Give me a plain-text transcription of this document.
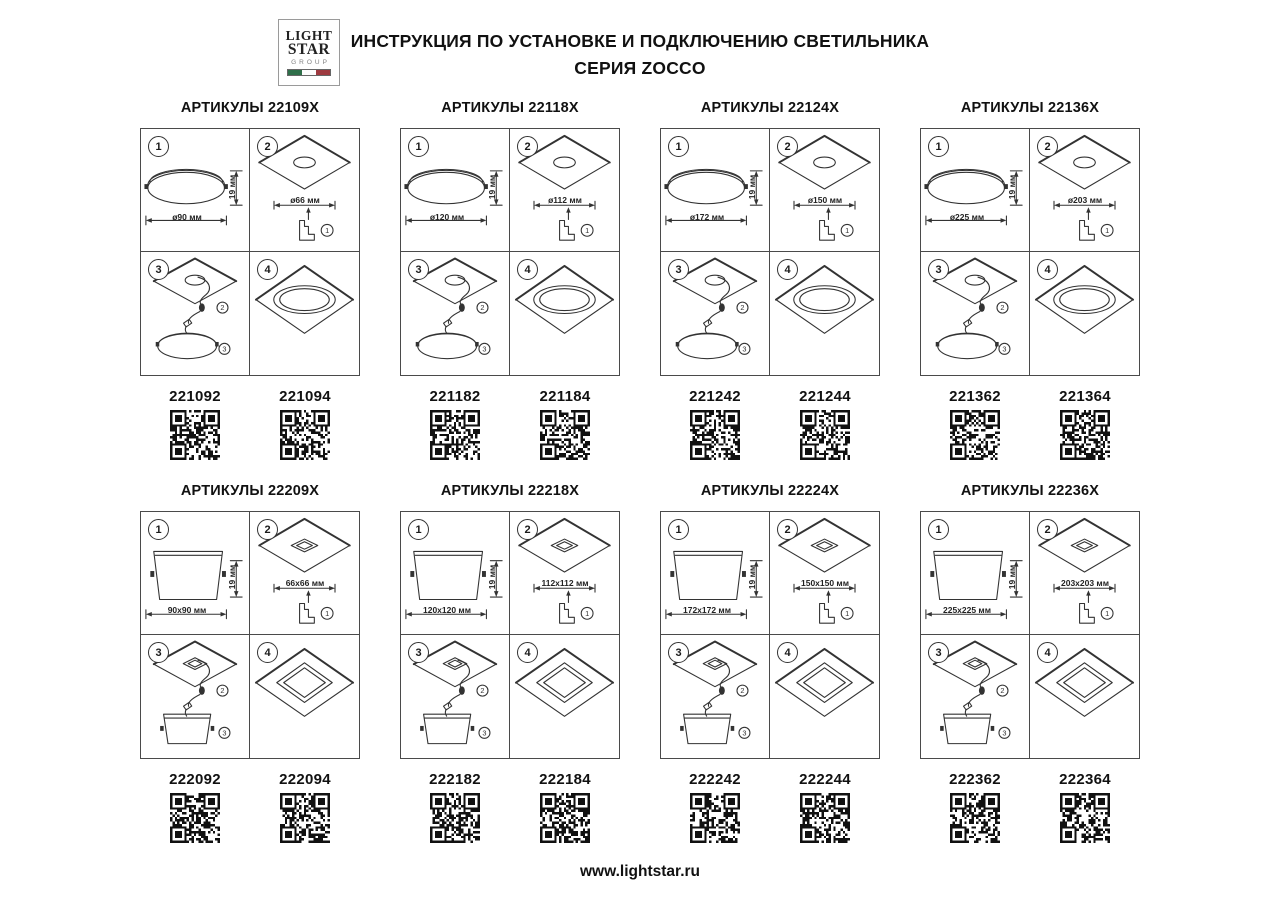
LIGHT
STAR
GROUP
ИНСТРУКЦИЯ ПО УСТАНОВКЕ И ПОДКЛЮЧЕНИЮ СВЕТИЛЬНИКА
СЕРИЯ ZOCCO
АРТИКУЛЫ 22109X
1
ø90 мм
19 мм
2
ø66 мм
3	4
221092	221094
АРТИКУЛЫ 22118X
1
ø120 мм
19 мм
2
ø112 мм
3	4
221182	221184
АРТИКУЛЫ 22124X
1
ø172 мм
19 мм
2
ø150 мм
3	4
221242	221244
АРТИКУЛЫ 22136X
1
ø225 мм
19 мм
2
ø203 мм
3	4
221362	221364
АРТИКУЛЫ 22209X
1
90x90 мм
19 мм
2
66x66 мм
3	4
222092	222094
АРТИКУЛЫ 22218X
1
120x120 мм
19 мм
2
112x112 мм
3	4
222182	222184
АРТИКУЛЫ 22224X
1
172x172 мм
19 мм
2
150x150 мм
3	4
222242	222244
АРТИКУЛЫ 22236X
1
225x225 мм
19 мм
2
203x203 мм
3	4
222362	222364
www.lightstar.ru
